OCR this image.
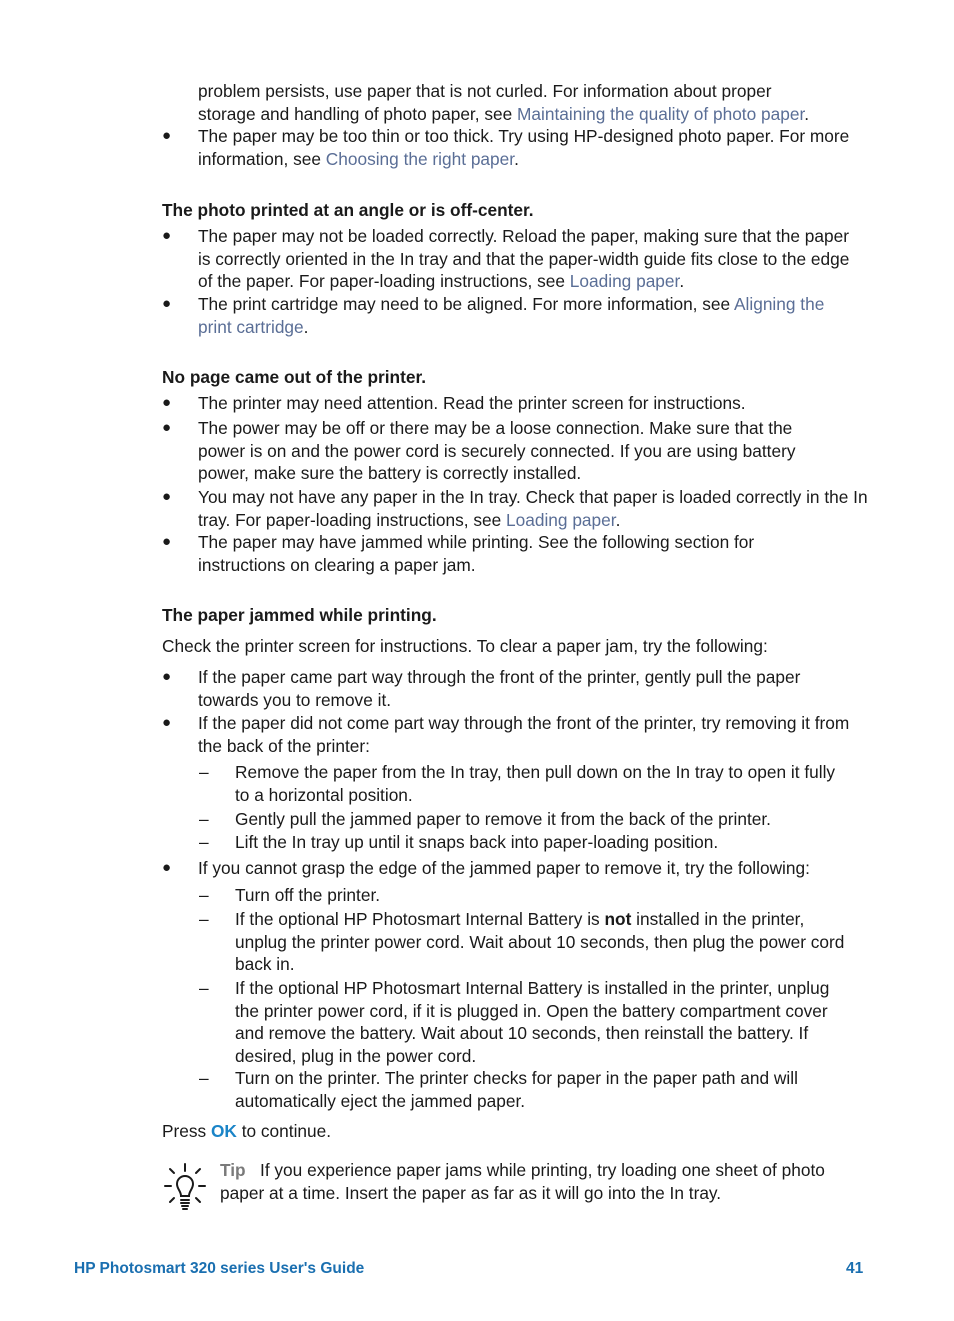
problem persists, use paper that is not curled. For information about proper
storage and handling of photo paper, see Maintaining the quality of photo paper.
●	The paper may be too thin or too thick. Try using HP-designed photo paper. For more information, see Choosing the right paper.
The photo printed at an angle or is off-center.
●	The paper may not be loaded correctly. Reload the paper, making sure that the paper is correctly oriented in the In tray and that the paper-width guide fits close to the edge of the paper. For paper-loading instructions, see Loading paper.
●	The print cartridge may need to be aligned. For more information, see Aligning the print cartridge.
No page came out of the printer.
●	The printer may need attention. Read the printer screen for instructions.
●	The power may be off or there may be a loose connection. Make sure that the power is on and the power cord is securely connected. If you are using battery power, make sure the battery is correctly installed.
●	You may not have any paper in the In tray. Check that paper is loaded correctly in the In tray. For paper-loading instructions, see Loading paper.
●	The paper may have jammed while printing. See the following section for instructions on clearing a paper jam.
The paper jammed while printing.
Check the printer screen for instructions. To clear a paper jam, try the following:
●	If the paper came part way through the front of the printer, gently pull the paper towards you to remove it.
●	If the paper did not come part way through the front of the printer, try removing it from the back of the printer:
–	Remove the paper from the In tray, then pull down on the In tray to open it fully to a horizontal position.
–	Gently pull the jammed paper to remove it from the back of the printer.
–	Lift the In tray up until it snaps back into paper-loading position.
●	If you cannot grasp the edge of the jammed paper to remove it, try the following:
–	Turn off the printer.
–	If the optional HP Photosmart Internal Battery is not installed in the printer, unplug the printer power cord. Wait about 10 seconds, then plug the power cord back in.
–	If the optional HP Photosmart Internal Battery is installed in the printer, unplug the printer power cord, if it is plugged in. Open the battery compartment cover and remove the battery. Wait about 10 seconds, then reinstall the battery. If desired, plug in the power cord.
–	Turn on the printer. The printer checks for paper in the paper path and will automatically eject the jammed paper.
Press OK to continue.
Tip If you experience paper jams while printing, try loading one sheet of photo paper at a time. Insert the paper as far as it will go into the In tray.
HP Photosmart 320 series User's Guide	41
